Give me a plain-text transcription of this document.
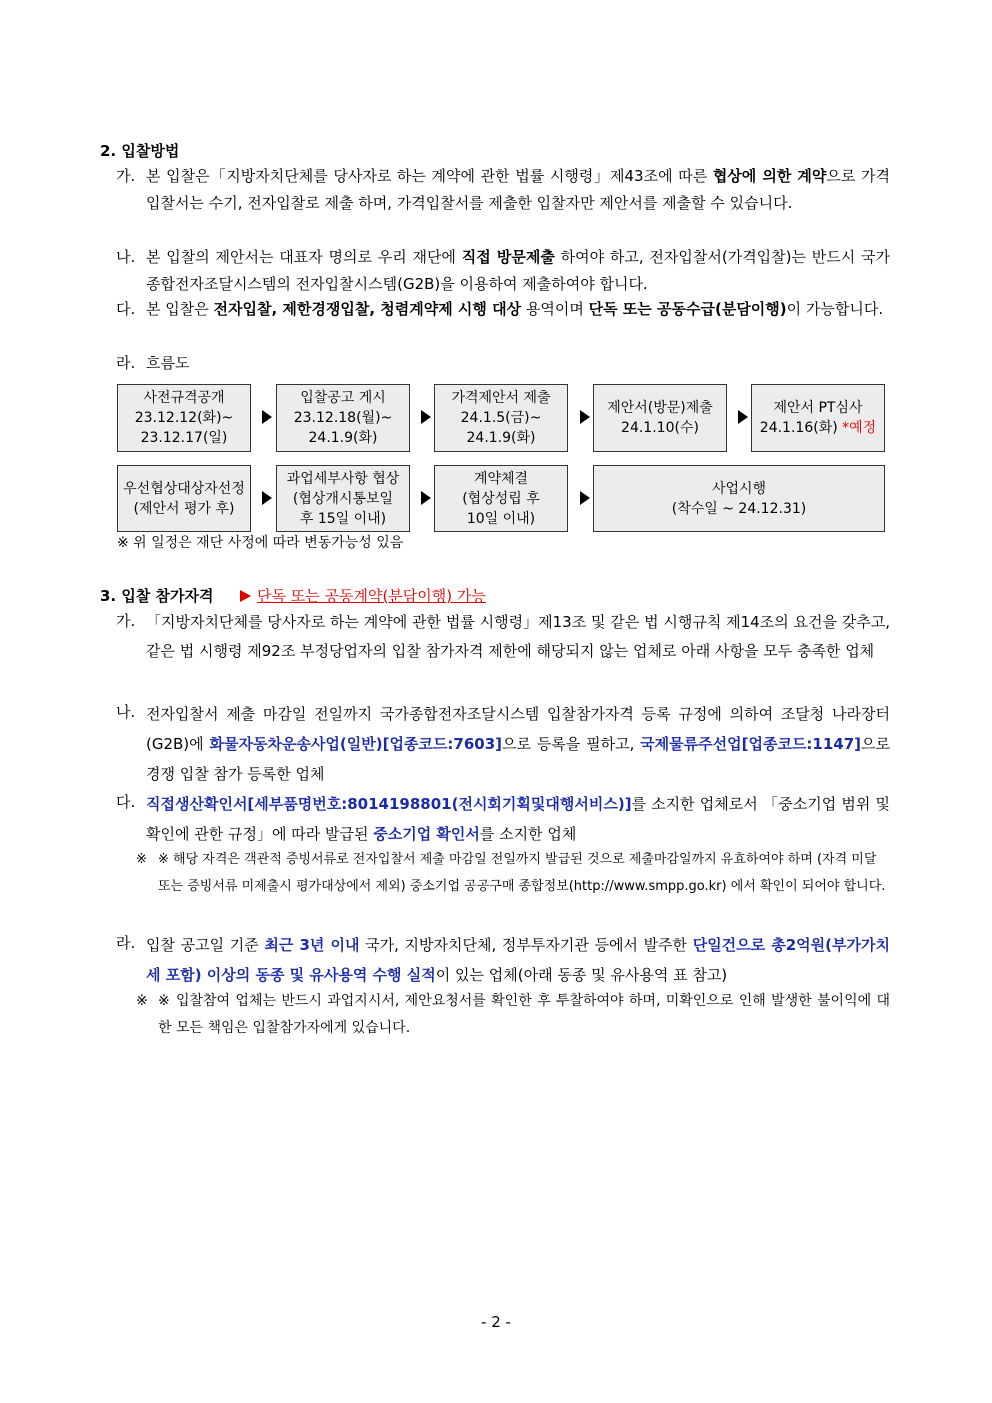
2. 입찰방법
가. 본 입찰은「지방자치단체를 당사자로 하는 계약에 관한 법률 시행령」제43조에 따른 협상에 의한 계약으로 가격입찰서는 수기, 전자입찰로 제출 하며, 가격입찰서를 제출한 입찰자만 제안서를 제출할 수 있습니다.
나. 본 입찰의 제안서는 대표자 명의로 우리 재단에 직접 방문제출 하여야 하고, 전자입찰서(가격입찰)는 반드시 국가종합전자조달시스템의 전자입찰시스템(G2B)을 이용하여 제출하여야 합니다.
다. 본 입찰은 전자입찰, 제한경쟁입찰, 청렴계약제 시행 대상 용역이며 단독 또는 공동수급(분담이행)이 가능합니다.
라. 흐름도
사전규격공개
23.12.12(화)~
23.12.17(일)
입찰공고 게시
23.12.18(월)~
24.1.9(화)
가격제안서 제출
24.1.5(금)~
24.1.9(화)
제안서(방문)제출
24.1.10(수)
제안서 PT심사
24.1.16(화) *예정
우선협상대상자선정
(제안서 평가 후)
과업세부사항 협상
(협상개시통보일
후 15일 이내)
계약체결
(협상성립 후
10일 이내)
사업시행
(착수일 ~ 24.12.31)
※ 위 일정은 재단 사정에 따라 변동가능성 있음
3. 입찰 참가자격	단독 또는 공동계약(분담이행) 가능
가. 「지방자치단체를 당사자로 하는 계약에 관한 법률 시행령」제13조 및 같은 법 시행규칙 제14조의 요건을 갖추고, 같은 법 시행령 제92조 부정당업자의 입찰 참가자격 제한에 해당되지 않는 업체로 아래 사항을 모두 충족한 업체
나. 전자입찰서 제출 마감일 전일까지 국가종합전자조달시스템 입찰참가자격 등록 규정에 의하여 조달청 나라장터(G2B)에 화물자동차운송사업(일반)[업종코드:7603]으로 등록을 필하고, 국제물류주선업[업종코드:1147]으로 경쟁 입찰 참가 등록한 업체
다. 직접생산확인서[세부품명번호:8014198801(전시회기획및대행서비스)]를 소지한 업체로서 「중소기업 범위 및 확인에 관한 규정」에 따라 발급된 중소기업 확인서를 소지한 업체
※ ※ 해당 자격은 객관적 증빙서류로 전자입찰서 제출 마감일 전일까지 발급된 것으로 제출마감일까지 유효하여야 하며 (자격 미달 또는 증빙서류 미제출시 평가대상에서 제외) 중소기업 공공구매 종합정보(http://www.smpp.go.kr) 에서 확인이 되어야 합니다.
라. 입찰 공고일 기준 최근 3년 이내 국가, 지방자치단체, 정부투자기관 등에서 발주한 단일건으로 총2억원(부가가치세 포함) 이상의 동종 및 유사용역 수행 실적이 있는 업체(아래 동종 및 유사용역 표 참고)
※ ※ 입찰참여 업체는 반드시 과업지시서, 제안요청서를 확인한 후 투찰하여야 하며, 미확인으로 인해 발생한 불이익에 대한 모든 책임은 입찰참가자에게 있습니다.
- 2 -
